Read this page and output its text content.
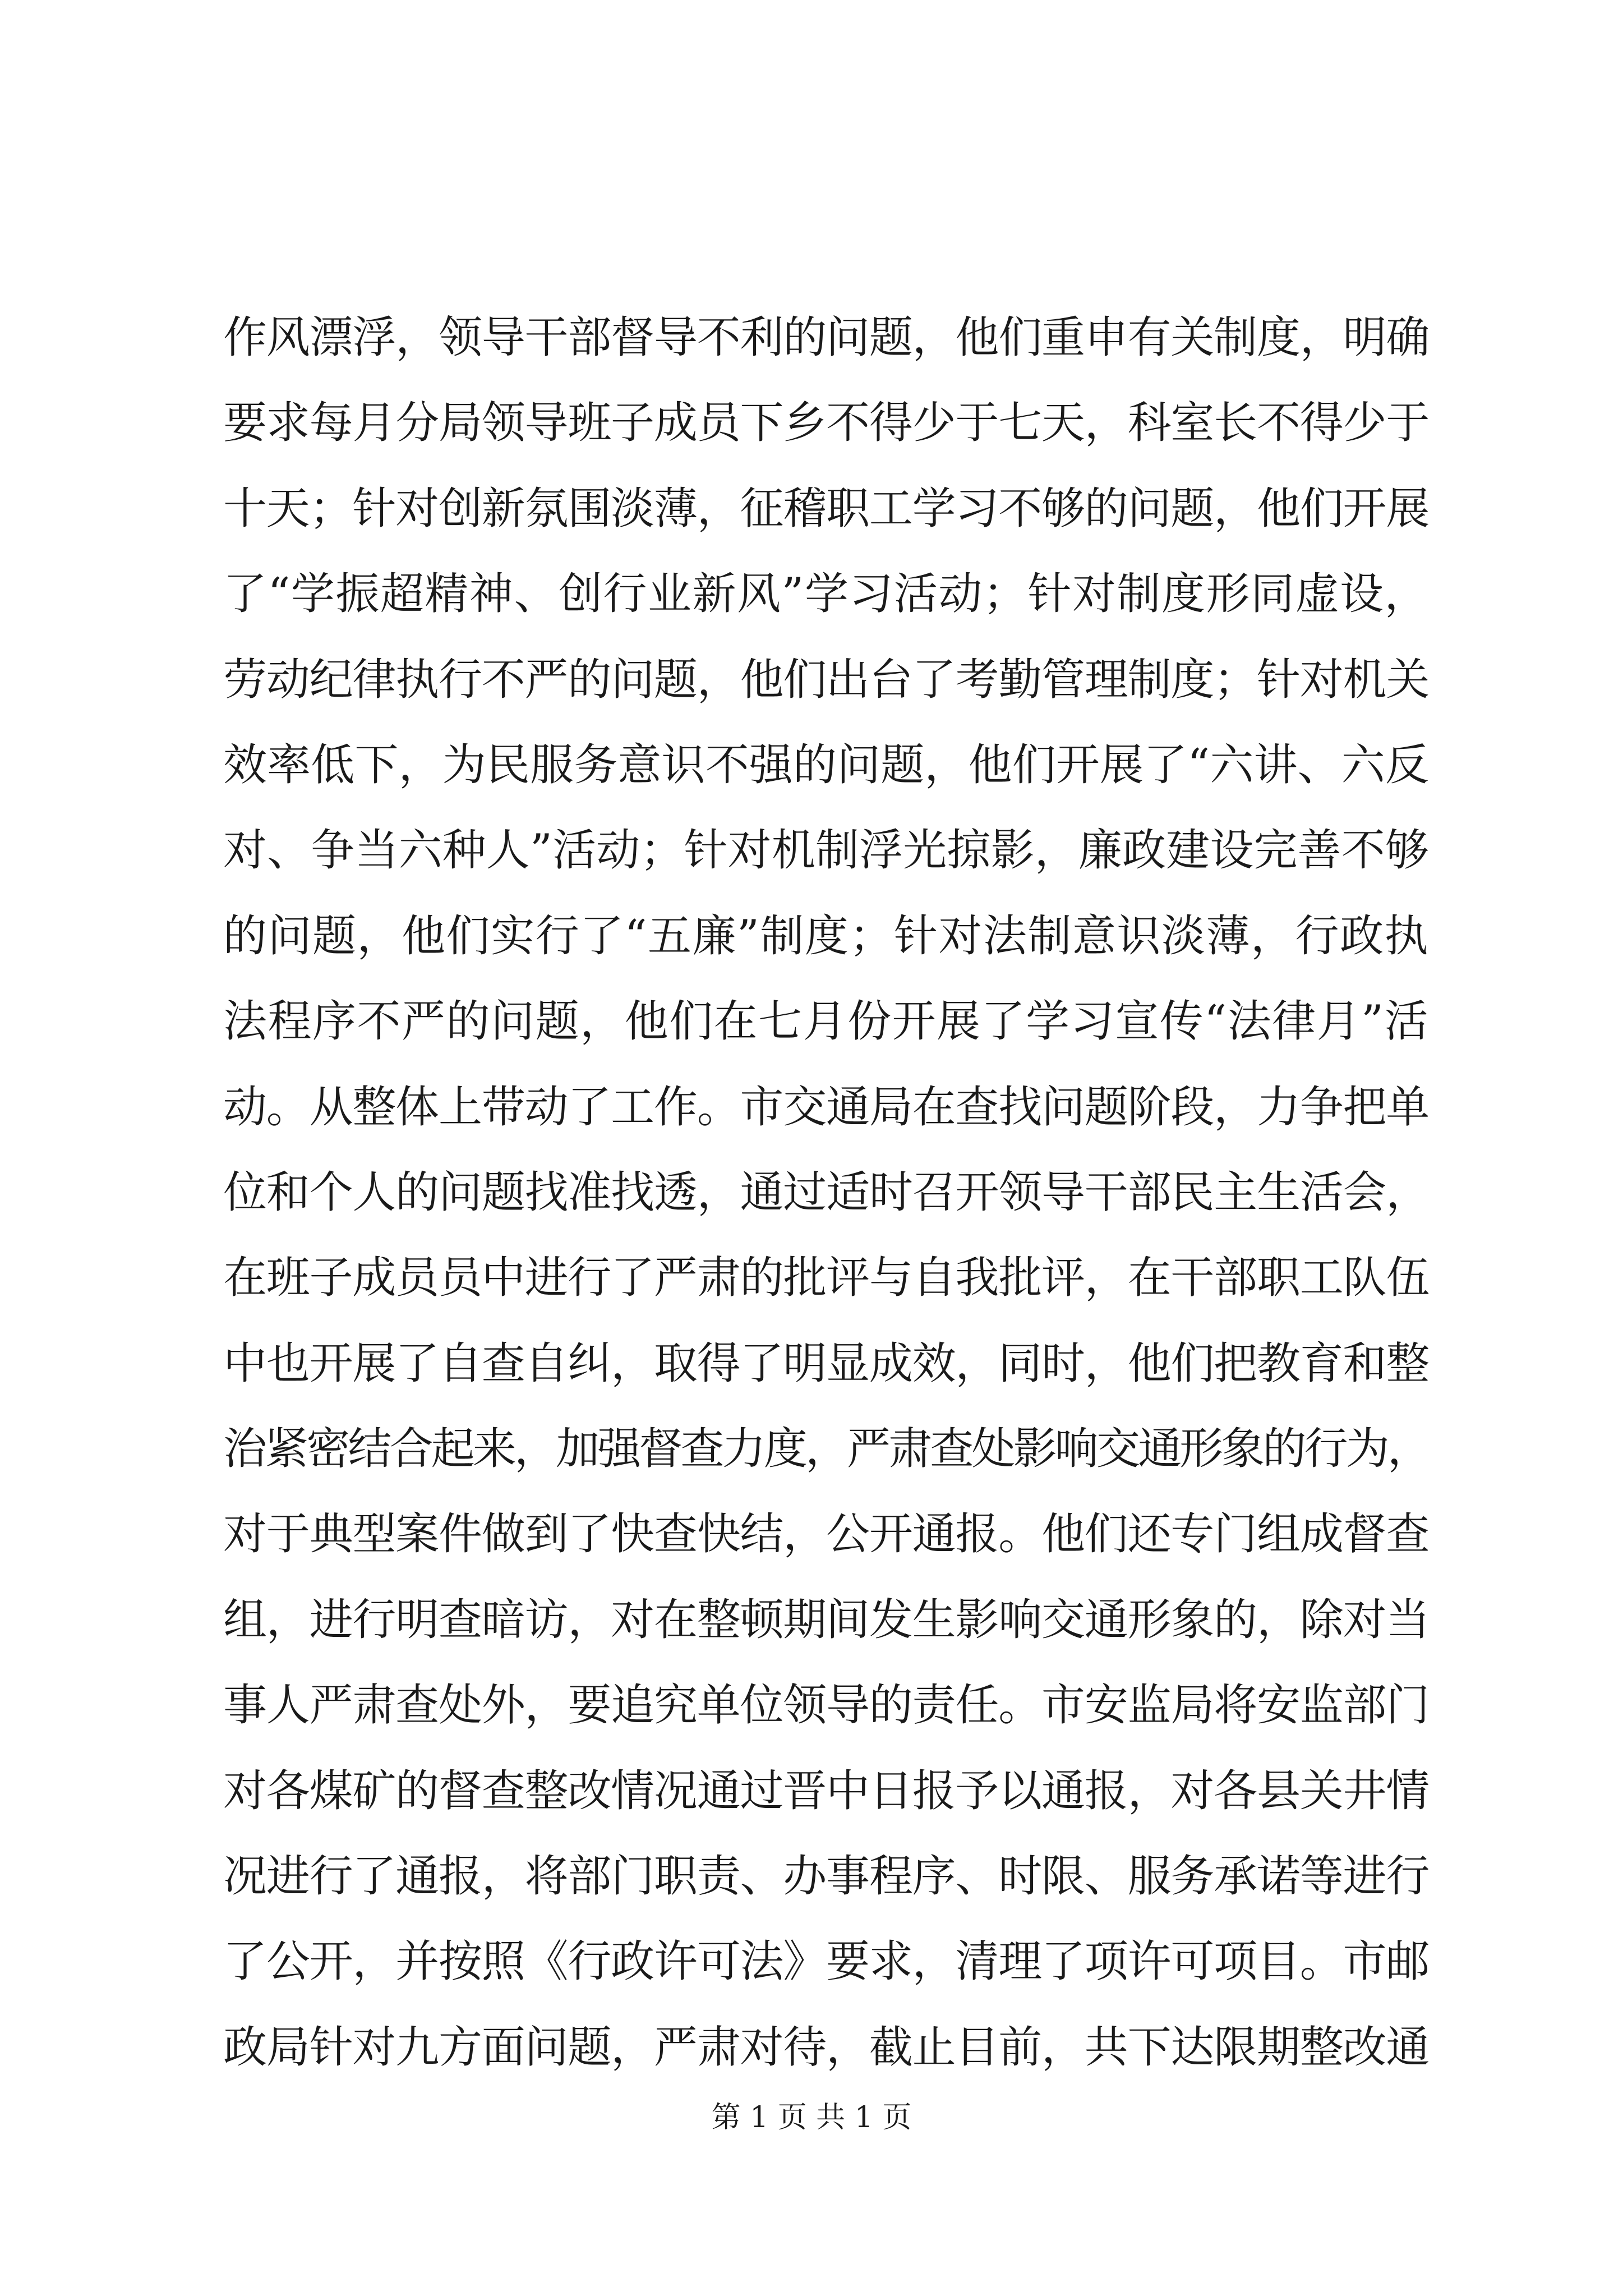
作风漂浮，领导干部督导不利的问题，他们重申有关制度，明确
要求每月分局领导班子成员下乡不得少于七天，科室长不得少于
十天；针对创新氛围淡薄，征稽职工学习不够的问题，他们开展
了“学振超精神、创行业新风”学习活动；针对制度形同虚设，
劳动纪律执行不严的问题，他们出台了考勤管理制度；针对机关
效率低下，为民服务意识不强的问题，他们开展了“六讲、六反
对、争当六种人”活动；针对机制浮光掠影，廉政建设完善不够
的问题，他们实行了“五廉”制度；针对法制意识淡薄，行政执
法程序不严的问题，他们在七月份开展了学习宣传“法律月”活
动。从整体上带动了工作。市交通局在查找问题阶段，力争把单
位和个人的问题找准找透，通过适时召开领导干部民主生活会，
在班子成员员中进行了严肃的批评与自我批评，在干部职工队伍
中也开展了自查自纠，取得了明显成效，同时，他们把教育和整
治紧密结合起来，加强督查力度，严肃查处影响交通形象的行为，
对于典型案件做到了快查快结，公开通报。他们还专门组成督查
组，进行明查暗访，对在整顿期间发生影响交通形象的，除对当
事人严肃查处外，要追究单位领导的责任。市安监局将安监部门
对各煤矿的督查整改情况通过晋中日报予以通报，对各县关井情
况进行了通报，将部门职责、办事程序、时限、服务承诺等进行
了公开，并按照《行政许可法》要求，清理了项许可项目。市邮
政局针对九方面问题，严肃对待，截止目前，共下达限期整改通
第 1 页 共 1 页
